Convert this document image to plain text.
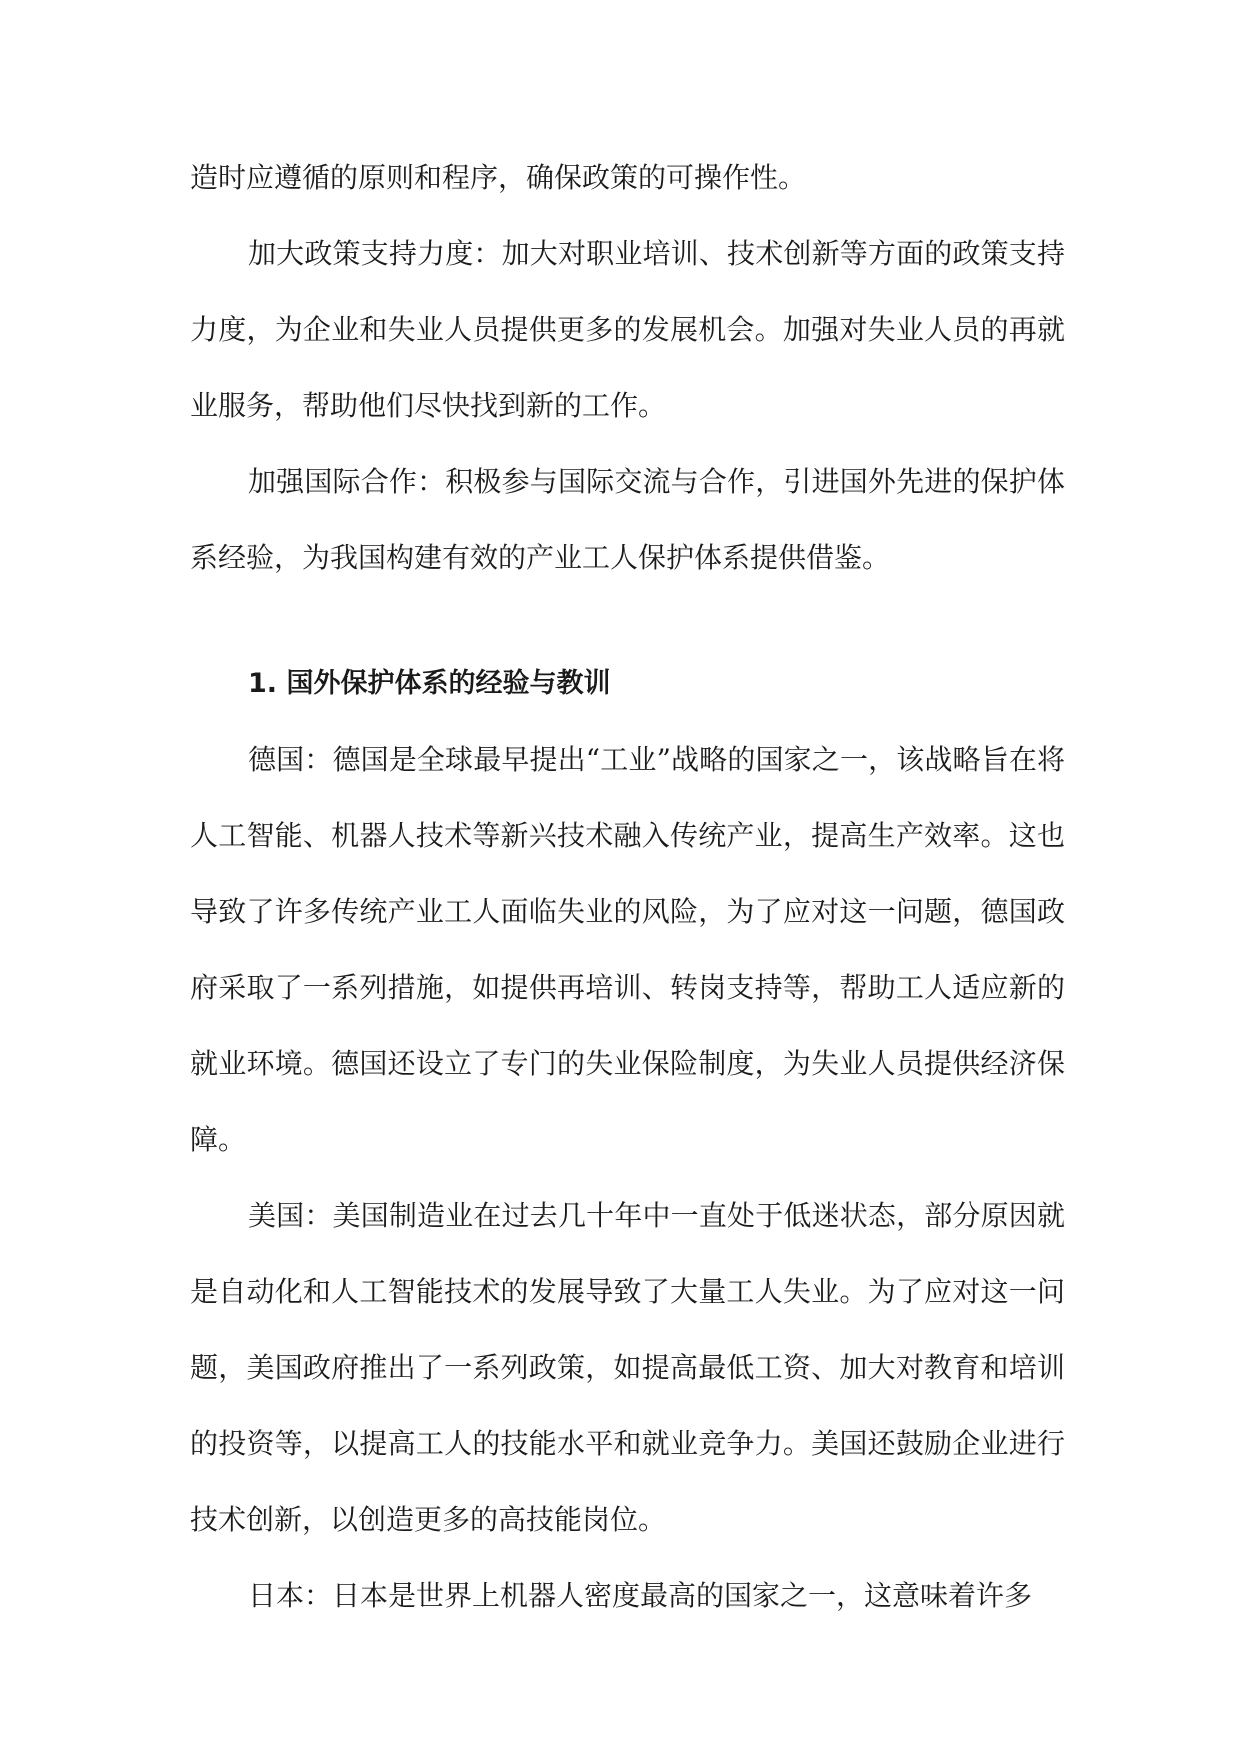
造时应遵循的原则和程序，确保政策的可操作性。

加大政策支持力度：加大对职业培训、技术创新等方面的政策支持力度，为企业和失业人员提供更多的发展机会。加强对失业人员的再就业服务，帮助他们尽快找到新的工作。

加强国际合作：积极参与国际交流与合作，引进国外先进的保护体系经验，为我国构建有效的产业工人保护体系提供借鉴。

1. 国外保护体系的经验与教训

德国：德国是全球最早提出“工业”战略的国家之一，该战略旨在将人工智能、机器人技术等新兴技术融入传统产业，提高生产效率。这也导致了许多传统产业工人面临失业的风险，为了应对这一问题，德国政府采取了一系列措施，如提供再培训、转岗支持等，帮助工人适应新的就业环境。德国还设立了专门的失业保险制度，为失业人员提供经济保障。

美国：美国制造业在过去几十年中一直处于低迷状态，部分原因就是自动化和人工智能技术的发展导致了大量工人失业。为了应对这一问题，美国政府推出了一系列政策，如提高最低工资、加大对教育和培训的投资等，以提高工人的技能水平和就业竞争力。美国还鼓励企业进行技术创新，以创造更多的高技能岗位。

日本：日本是世界上机器人密度最高的国家之一，这意味着许多
